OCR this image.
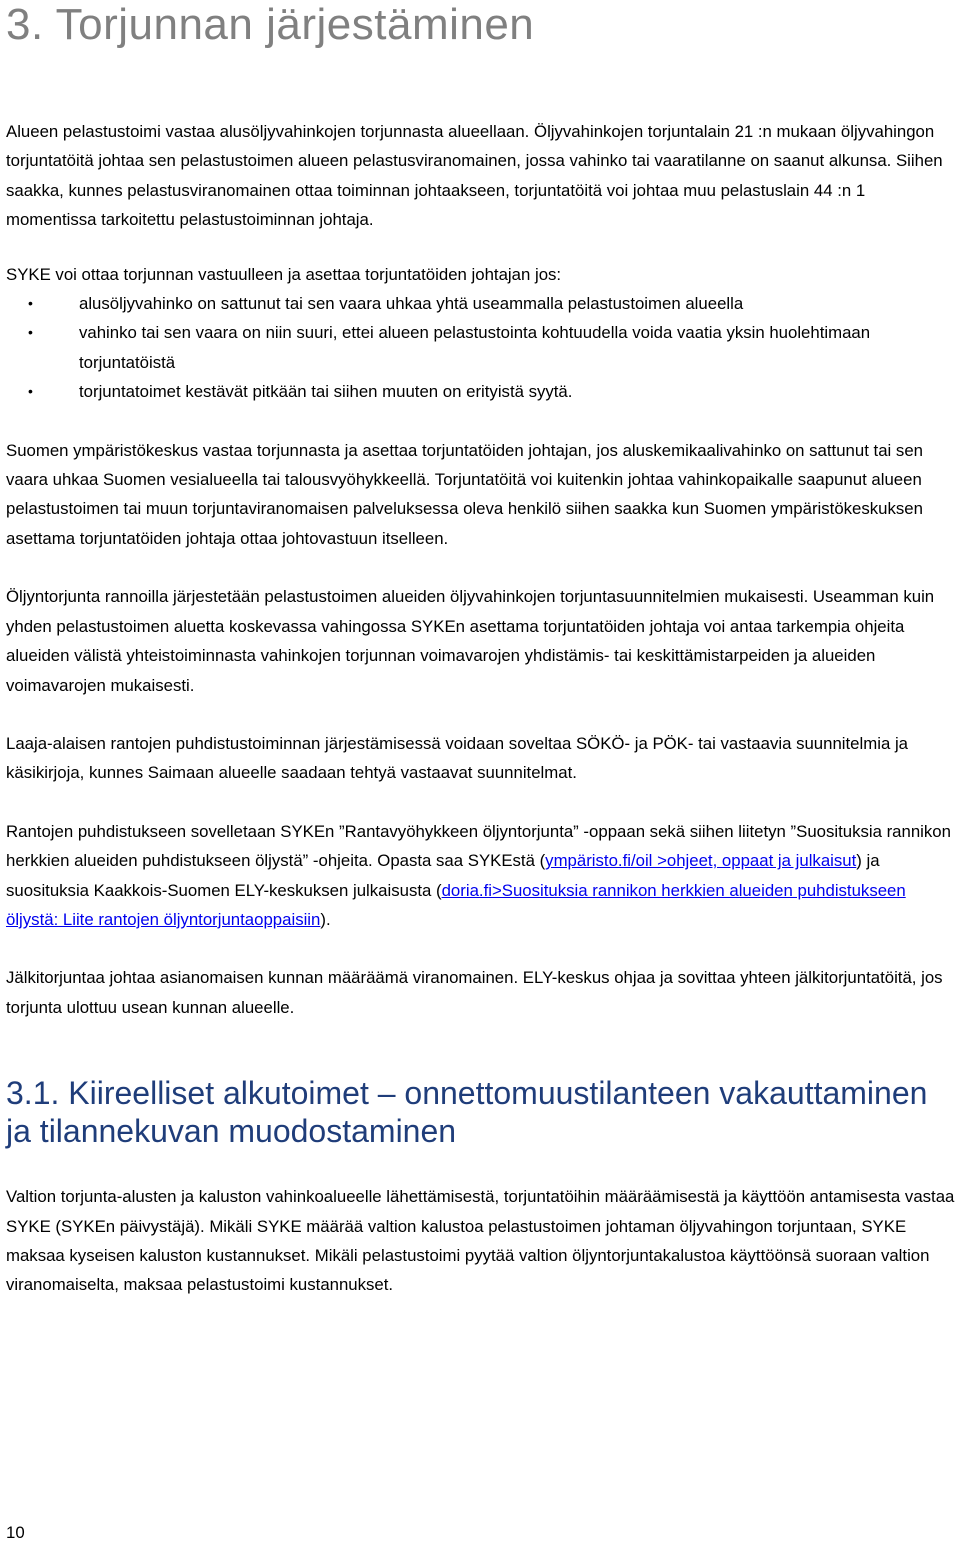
3. Torjunnan järjestäminen

Alueen pelastustoimi vastaa alusöljyvahinkojen torjunnasta alueellaan. Öljyvahinkojen torjuntalain 21 :n mukaan öljyvahingon torjuntatöitä johtaa sen pelastustoimen alueen pelastusviranomainen, jossa vahinko tai vaaratilanne on saanut alkunsa. Siihen saakka, kunnes pelastusviranomainen ottaa toiminnan johtaakseen, torjuntatöitä voi johtaa muu pelastuslain 44 :n 1 momentissa tarkoitettu pelastustoiminnan johtaja.

SYKE voi ottaa torjunnan vastuulleen ja asettaa torjuntatöiden johtajan jos:

•	alusöljyvahinko on sattunut tai sen vaara uhkaa yhtä useammalla pelastustoimen alueella
•	vahinko tai sen vaara on niin suuri, ettei alueen pelastustointa kohtuudella voida vaatia yksin huolehtimaan torjuntatöistä
•	torjuntatoimet kestävät pitkään tai siihen muuten on erityistä syytä.

Suomen ympäristökeskus vastaa torjunnasta ja asettaa torjuntatöiden johtajan, jos aluskemikaalivahinko on sattunut tai sen vaara uhkaa Suomen vesialueella tai talousvyöhykkeellä. Torjuntatöitä voi kuitenkin johtaa vahinkopaikalle saapunut alueen pelastustoimen tai muun torjuntaviranomaisen palveluksessa oleva henkilö siihen saakka kun Suomen ympäristökeskuksen asettama torjuntatöiden johtaja ottaa johtovastuun itselleen.

Öljyntorjunta rannoilla järjestetään pelastustoimen alueiden öljyvahinkojen torjuntasuunnitelmien mukaisesti. Useamman kuin yhden pelastustoimen aluetta koskevassa vahingossa SYKEn asettama torjuntatöiden johtaja voi antaa tarkempia ohjeita alueiden välistä yhteistoiminnasta vahinkojen torjunnan voimavarojen yhdistämis- tai keskittämistarpeiden ja alueiden voimavarojen mukaisesti.

Laaja-alaisen rantojen puhdistustoiminnan järjestämisessä voidaan soveltaa SÖKÖ- ja PÖK- tai vastaavia suunnitelmia ja käsikirjoja, kunnes Saimaan alueelle saadaan tehtyä vastaavat suunnitelmat.

Rantojen puhdistukseen sovelletaan SYKEn ”Rantavyöhykkeen öljyntorjunta” -oppaan sekä siihen liitetyn ”Suosituksia rannikon herkkien alueiden puhdistukseen öljystä” -ohjeita. Opasta saa SYKEstä (ympäristo.fi/oil >ohjeet, oppaat ja julkaisut) ja suosituksia Kaakkois-Suomen ELY-keskuksen julkaisusta (doria.fi>Suosituksia rannikon herkkien alueiden puhdistukseen öljystä: Liite rantojen öljyntorjuntaoppaisiin).

Jälkitorjuntaa johtaa asianomaisen kunnan määräämä viranomainen. ELY-keskus ohjaa ja sovittaa yhteen jälkitorjuntatöitä, jos torjunta ulottuu usean kunnan alueelle.

3.1. Kiireelliset alkutoimet – onnettomuustilanteen vakauttaminen ja tilannekuvan muodostaminen

Valtion torjunta-alusten ja kaluston vahinkoalueelle lähettämisestä, torjuntatöihin määräämisestä ja käyttöön antamisesta vastaa SYKE (SYKEn päivystäjä). Mikäli SYKE määrää valtion kalustoa pelastustoimen johtaman öljyvahingon torjuntaan, SYKE maksaa kyseisen kaluston kustannukset. Mikäli pelastustoimi pyytää valtion öljyntorjuntakalustoa käyttöönsä suoraan valtion viranomaiselta, maksaa pelastustoimi kustannukset.

10
